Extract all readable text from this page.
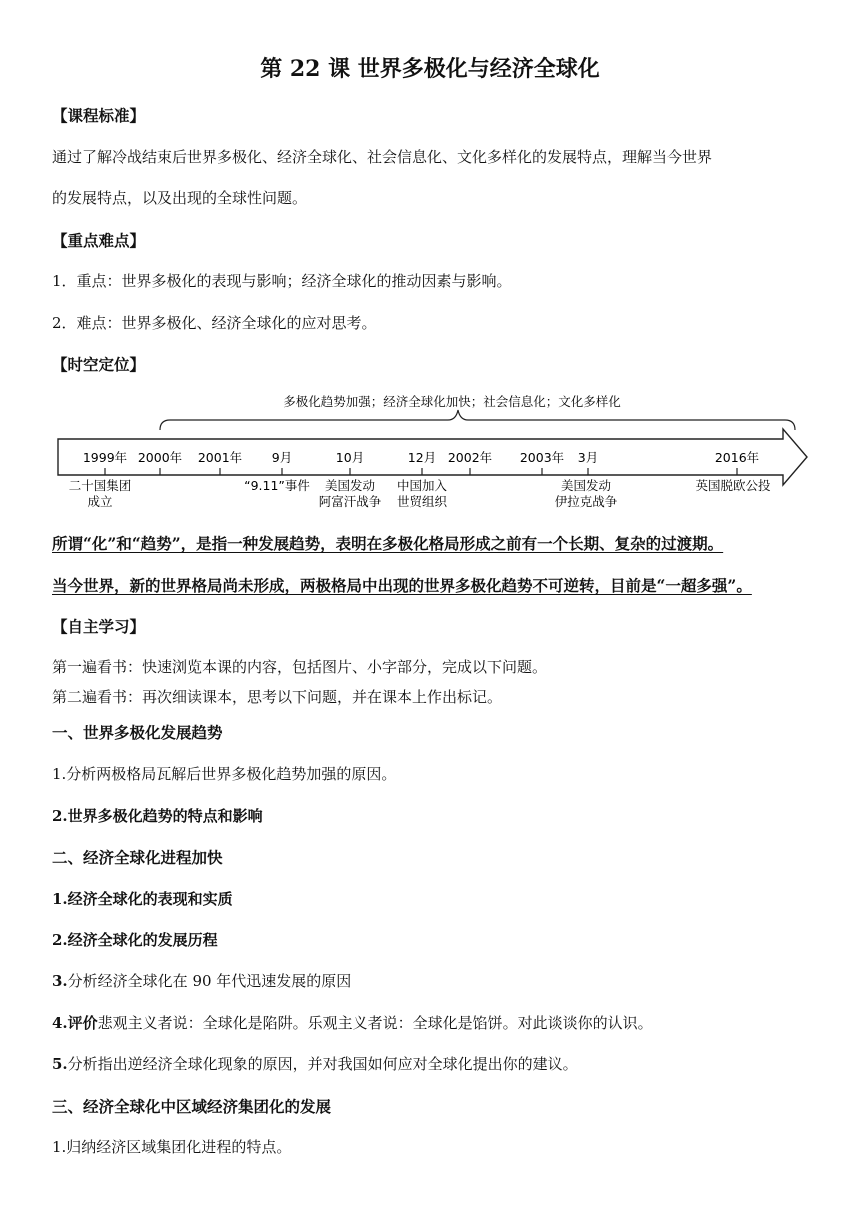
第 22 课 世界多极化与经济全球化
【课程标准】
通过了解冷战结束后世界多极化、经济全球化、社会信息化、文化多样化的发展特点，理解当今世界
的发展特点，以及出现的全球性问题。
【重点难点】
1．重点：世界多极化的表现与影响；经济全球化的推动因素与影响。
2．难点：世界多极化、经济全球化的应对思考。
【时空定位】
多极化趋势加强；经济全球化加快；社会信息化；文化多样化
1999年 2000年 2001年 9月	10月	12月 2002年 2003年 3月	2016年
二十国集团
成立
“9.11”事件 美国发动
阿富汗战争
中国加入
世贸组织
美国发动
伊拉克战争
英国脱欧公投
所谓“化”和“趋势”，是指一种发展趋势，表明在多极化格局形成之前有一个长期、复杂的过渡期。
当今世界，新的世界格局尚未形成，两极格局中出现的世界多极化趋势不可逆转，目前是“一超多强”。
【自主学习】
第一遍看书：快速浏览本课的内容，包括图片、小字部分，完成以下问题。
第二遍看书：再次细读课本，思考以下问题，并在课本上作出标记。
一、世界多极化发展趋势
1.分析两极格局瓦解后世界多极化趋势加强的原因。
2.世界多极化趋势的特点和影响
二、经济全球化进程加快
1.经济全球化的表现和实质
2.经济全球化的发展历程
3.分析经济全球化在 90 年代迅速发展的原因
4.评价悲观主义者说：全球化是陷阱。乐观主义者说：全球化是馅饼。对此谈谈你的认识。
5.分析指出逆经济全球化现象的原因，并对我国如何应对全球化提出你的建议。
三、经济全球化中区域经济集团化的发展
1.归纳经济区域集团化进程的特点。
